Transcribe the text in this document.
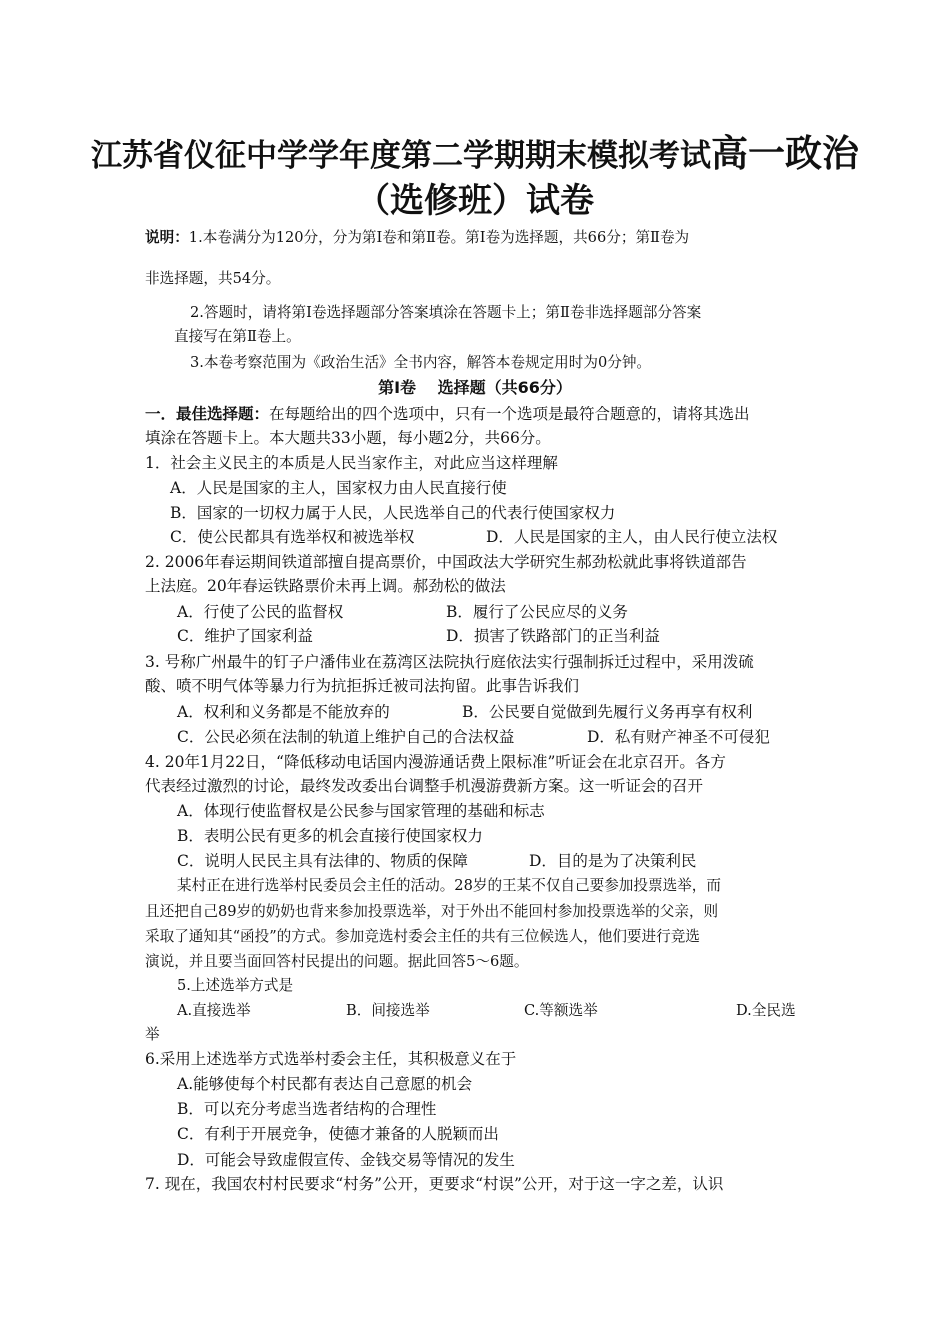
江苏省仪征中学学年度第二学期期末模拟考试高一政治
（选修班）试卷
说明：1.本卷满分为120分，分为第Ⅰ卷和第Ⅱ卷。第Ⅰ卷为选择题，共66分；第Ⅱ卷为
非选择题，共54分。
2.答题时，请将第Ⅰ卷选择题部分答案填涂在答题卡上；第Ⅱ卷非选择题部分答案
直接写在第Ⅱ卷上。
3.本卷考察范围为《政治生活》全书内容，解答本卷规定用时为0分钟。
第Ⅰ卷　 选择题（共66分）
一．最佳选择题：在每题给出的四个选项中，只有一个选项是最符合题意的，请将其选出
填涂在答题卡上。本大题共33小题，每小题2分，共66分。
1．社会主义民主的本质是人民当家作主，对此应当这样理解
A．人民是国家的主人，国家权力由人民直接行使
B．国家的一切权力属于人民，人民选举自己的代表行使国家权力
C．使公民都具有选举权和被选举权	D．人民是国家的主人，由人民行使立法权
2. 2006年春运期间铁道部擅自提高票价，中国政法大学研究生郝劲松就此事将铁道部告
上法庭。20年春运铁路票价未再上调。郝劲松的做法
A．行使了公民的监督权	B．履行了公民应尽的义务
C．维护了国家利益	D．损害了铁路部门的正当利益
3. 号称广州最牛的钉子户潘伟业在荔湾区法院执行庭依法实行强制拆迁过程中，采用泼硫
酸、喷不明气体等暴力行为抗拒拆迁被司法拘留。此事告诉我们
A．权利和义务都是不能放弃的	B．公民要自觉做到先履行义务再享有权利
C．公民必须在法制的轨道上维护自己的合法权益	D．私有财产神圣不可侵犯
4. 20年1月22日，“降低移动电话国内漫游通话费上限标准”听证会在北京召开。各方
代表经过激烈的讨论，最终发改委出台调整手机漫游费新方案。这一听证会的召开
A．体现行使监督权是公民参与国家管理的基础和标志
B．表明公民有更多的机会直接行使国家权力
C．说明人民民主具有法律的、物质的保障	D．目的是为了决策利民
某村正在进行选举村民委员会主任的活动。28岁的王某不仅自己要参加投票选举，而
且还把自己89岁的奶奶也背来参加投票选举，对于外出不能回村参加投票选举的父亲，则
采取了通知其“函投”的方式。参加竞选村委会主任的共有三位候选人，他们要进行竞选
演说，并且要当面回答村民提出的问题。据此回答5～6题。
5.上述选举方式是
A.直接选举	B．间接选举	C.等额选举	D.全民选
举
6.采用上述选举方式选举村委会主任，其积极意义在于
A.能够使每个村民都有表达自己意愿的机会
B．可以充分考虑当选者结构的合理性
C．有利于开展竞争，使德才兼备的人脱颖而出
D．可能会导致虚假宣传、金钱交易等情况的发生
7. 现在，我国农村村民要求“村务”公开，更要求“村误”公开，对于这一字之差，认识
